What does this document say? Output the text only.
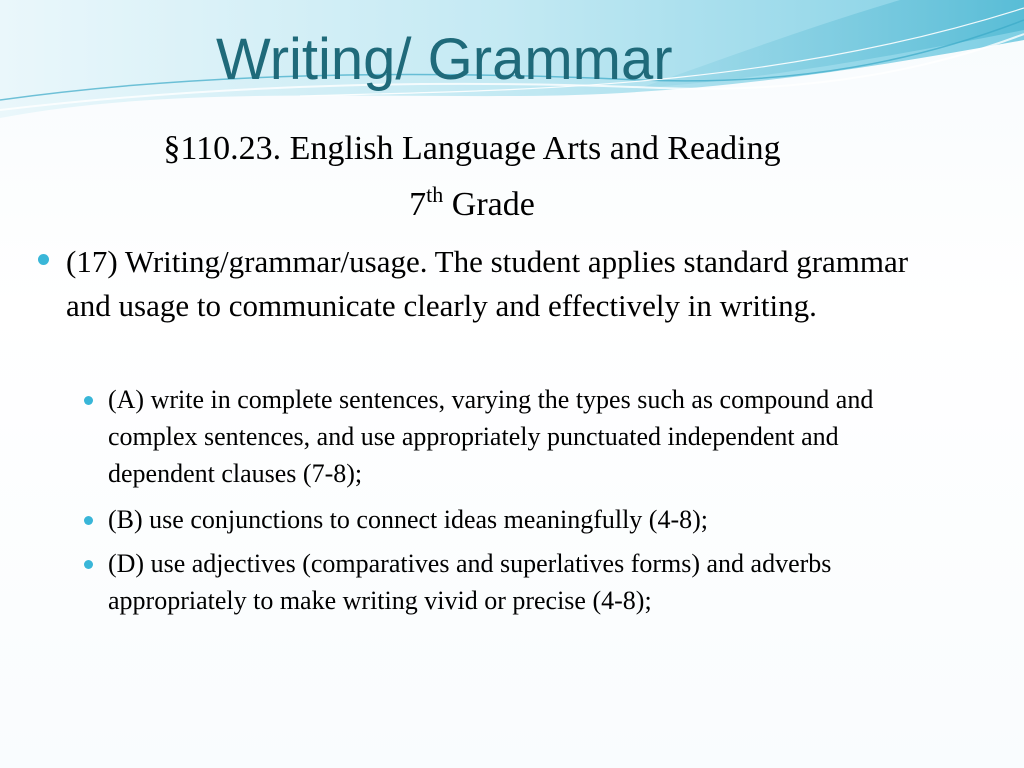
Writing/ Grammar
§110.23. English Language Arts and Reading
7th Grade
(17) Writing/grammar/usage. The student applies standard grammar and usage to communicate clearly and effectively in writing.
(A) write in complete sentences, varying the types such as compound and complex sentences, and use appropriately punctuated independent and dependent clauses (7-8);
(B) use conjunctions to connect ideas meaningfully (4-8);
(D) use adjectives (comparatives and superlatives forms) and adverbs appropriately to make writing vivid or precise (4-8);
